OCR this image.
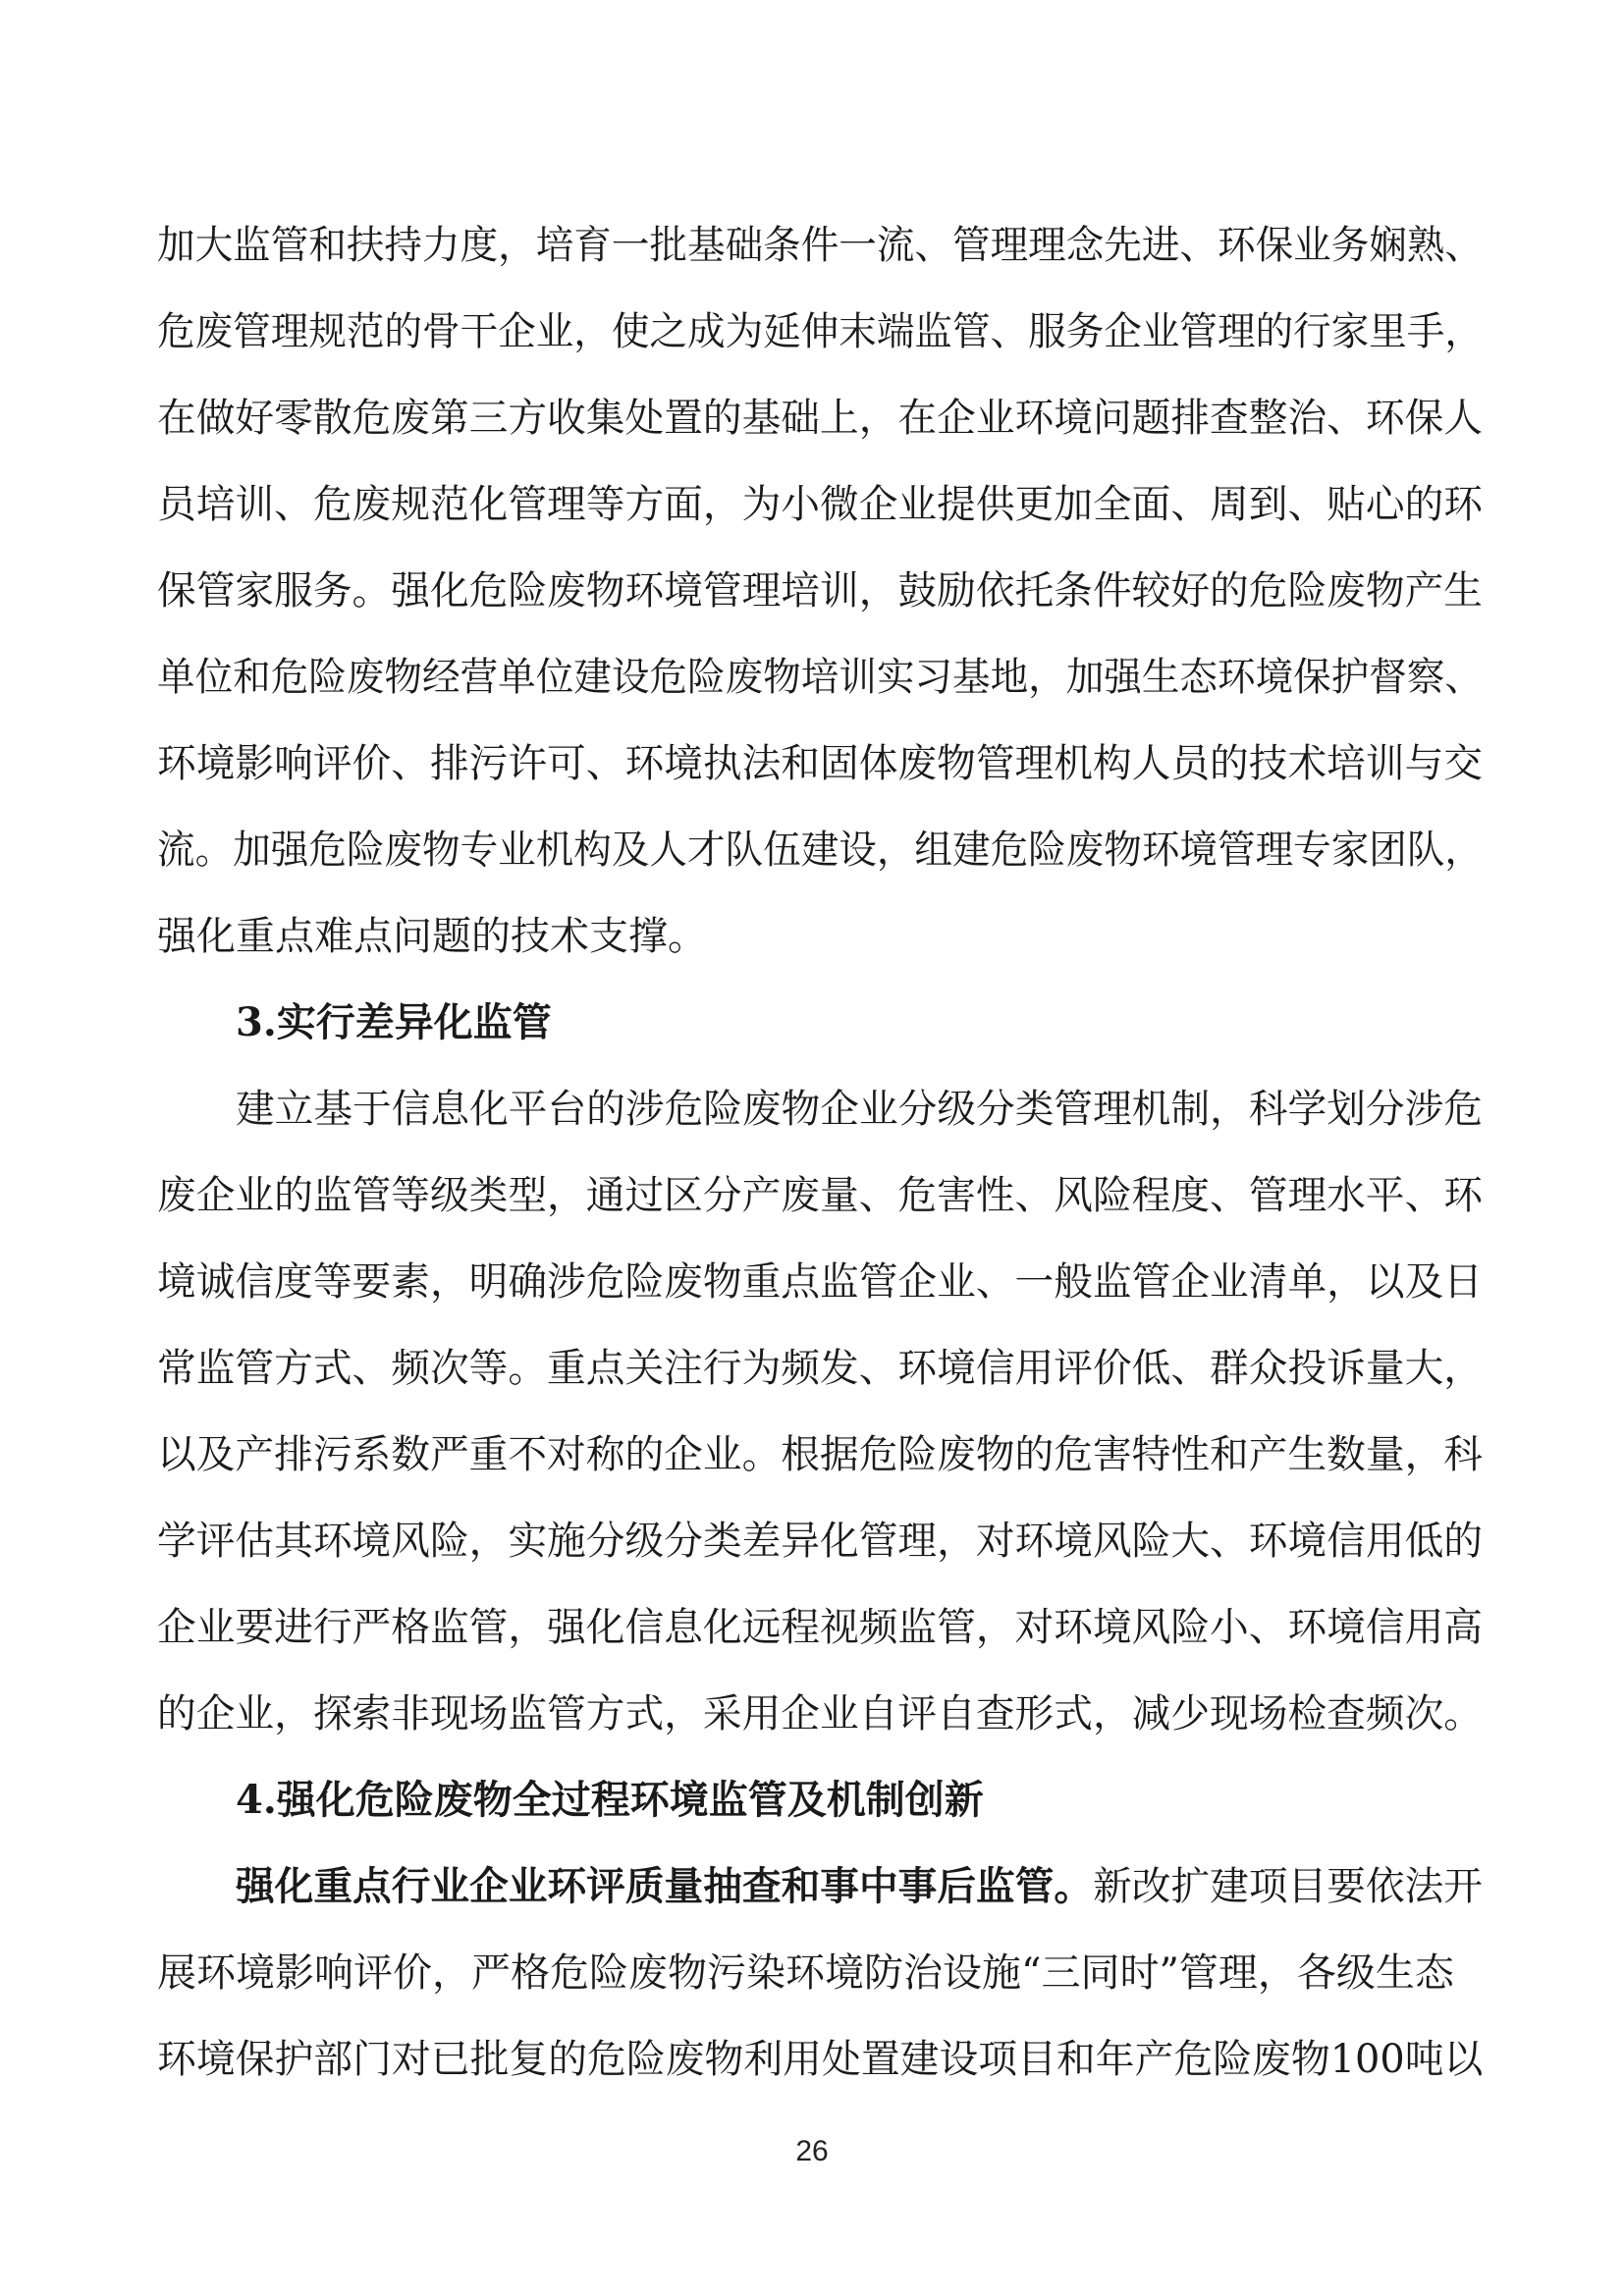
加大监管和扶持力度，培育一批基础条件一流、管理理念先进、环保业务娴熟、
危废管理规范的骨干企业，使之成为延伸末端监管、服务企业管理的行家里手，
在做好零散危废第三方收集处置的基础上，在企业环境问题排查整治、环保人
员培训、危废规范化管理等方面，为小微企业提供更加全面、周到、贴心的环
保管家服务。强化危险废物环境管理培训，鼓励依托条件较好的危险废物产生
单位和危险废物经营单位建设危险废物培训实习基地，加强生态环境保护督察、
环境影响评价、排污许可、环境执法和固体废物管理机构人员的技术培训与交
流。加强危险废物专业机构及人才队伍建设，组建危险废物环境管理专家团队，
强化重点难点问题的技术支撑。
3.实行差异化监管
建立基于信息化平台的涉危险废物企业分级分类管理机制，科学划分涉危
废企业的监管等级类型，通过区分产废量、危害性、风险程度、管理水平、环
境诚信度等要素，明确涉危险废物重点监管企业、一般监管企业清单，以及日
常监管方式、频次等。重点关注行为频发、环境信用评价低、群众投诉量大，
以及产排污系数严重不对称的企业。根据危险废物的危害特性和产生数量，科
学评估其环境风险，实施分级分类差异化管理，对环境风险大、环境信用低的
企业要进行严格监管，强化信息化远程视频监管，对环境风险小、环境信用高
的企业，探索非现场监管方式，采用企业自评自查形式，减少现场检查频次。
4.强化危险废物全过程环境监管及机制创新
强化重点行业企业环评质量抽查和事中事后监管。新改扩建项目要依法开
展环境影响评价，严格危险废物污染环境防治设施“三同时”管理，各级生态
环境保护部门对已批复的危险废物利用处置建设项目和年产危险废物100吨以
26
